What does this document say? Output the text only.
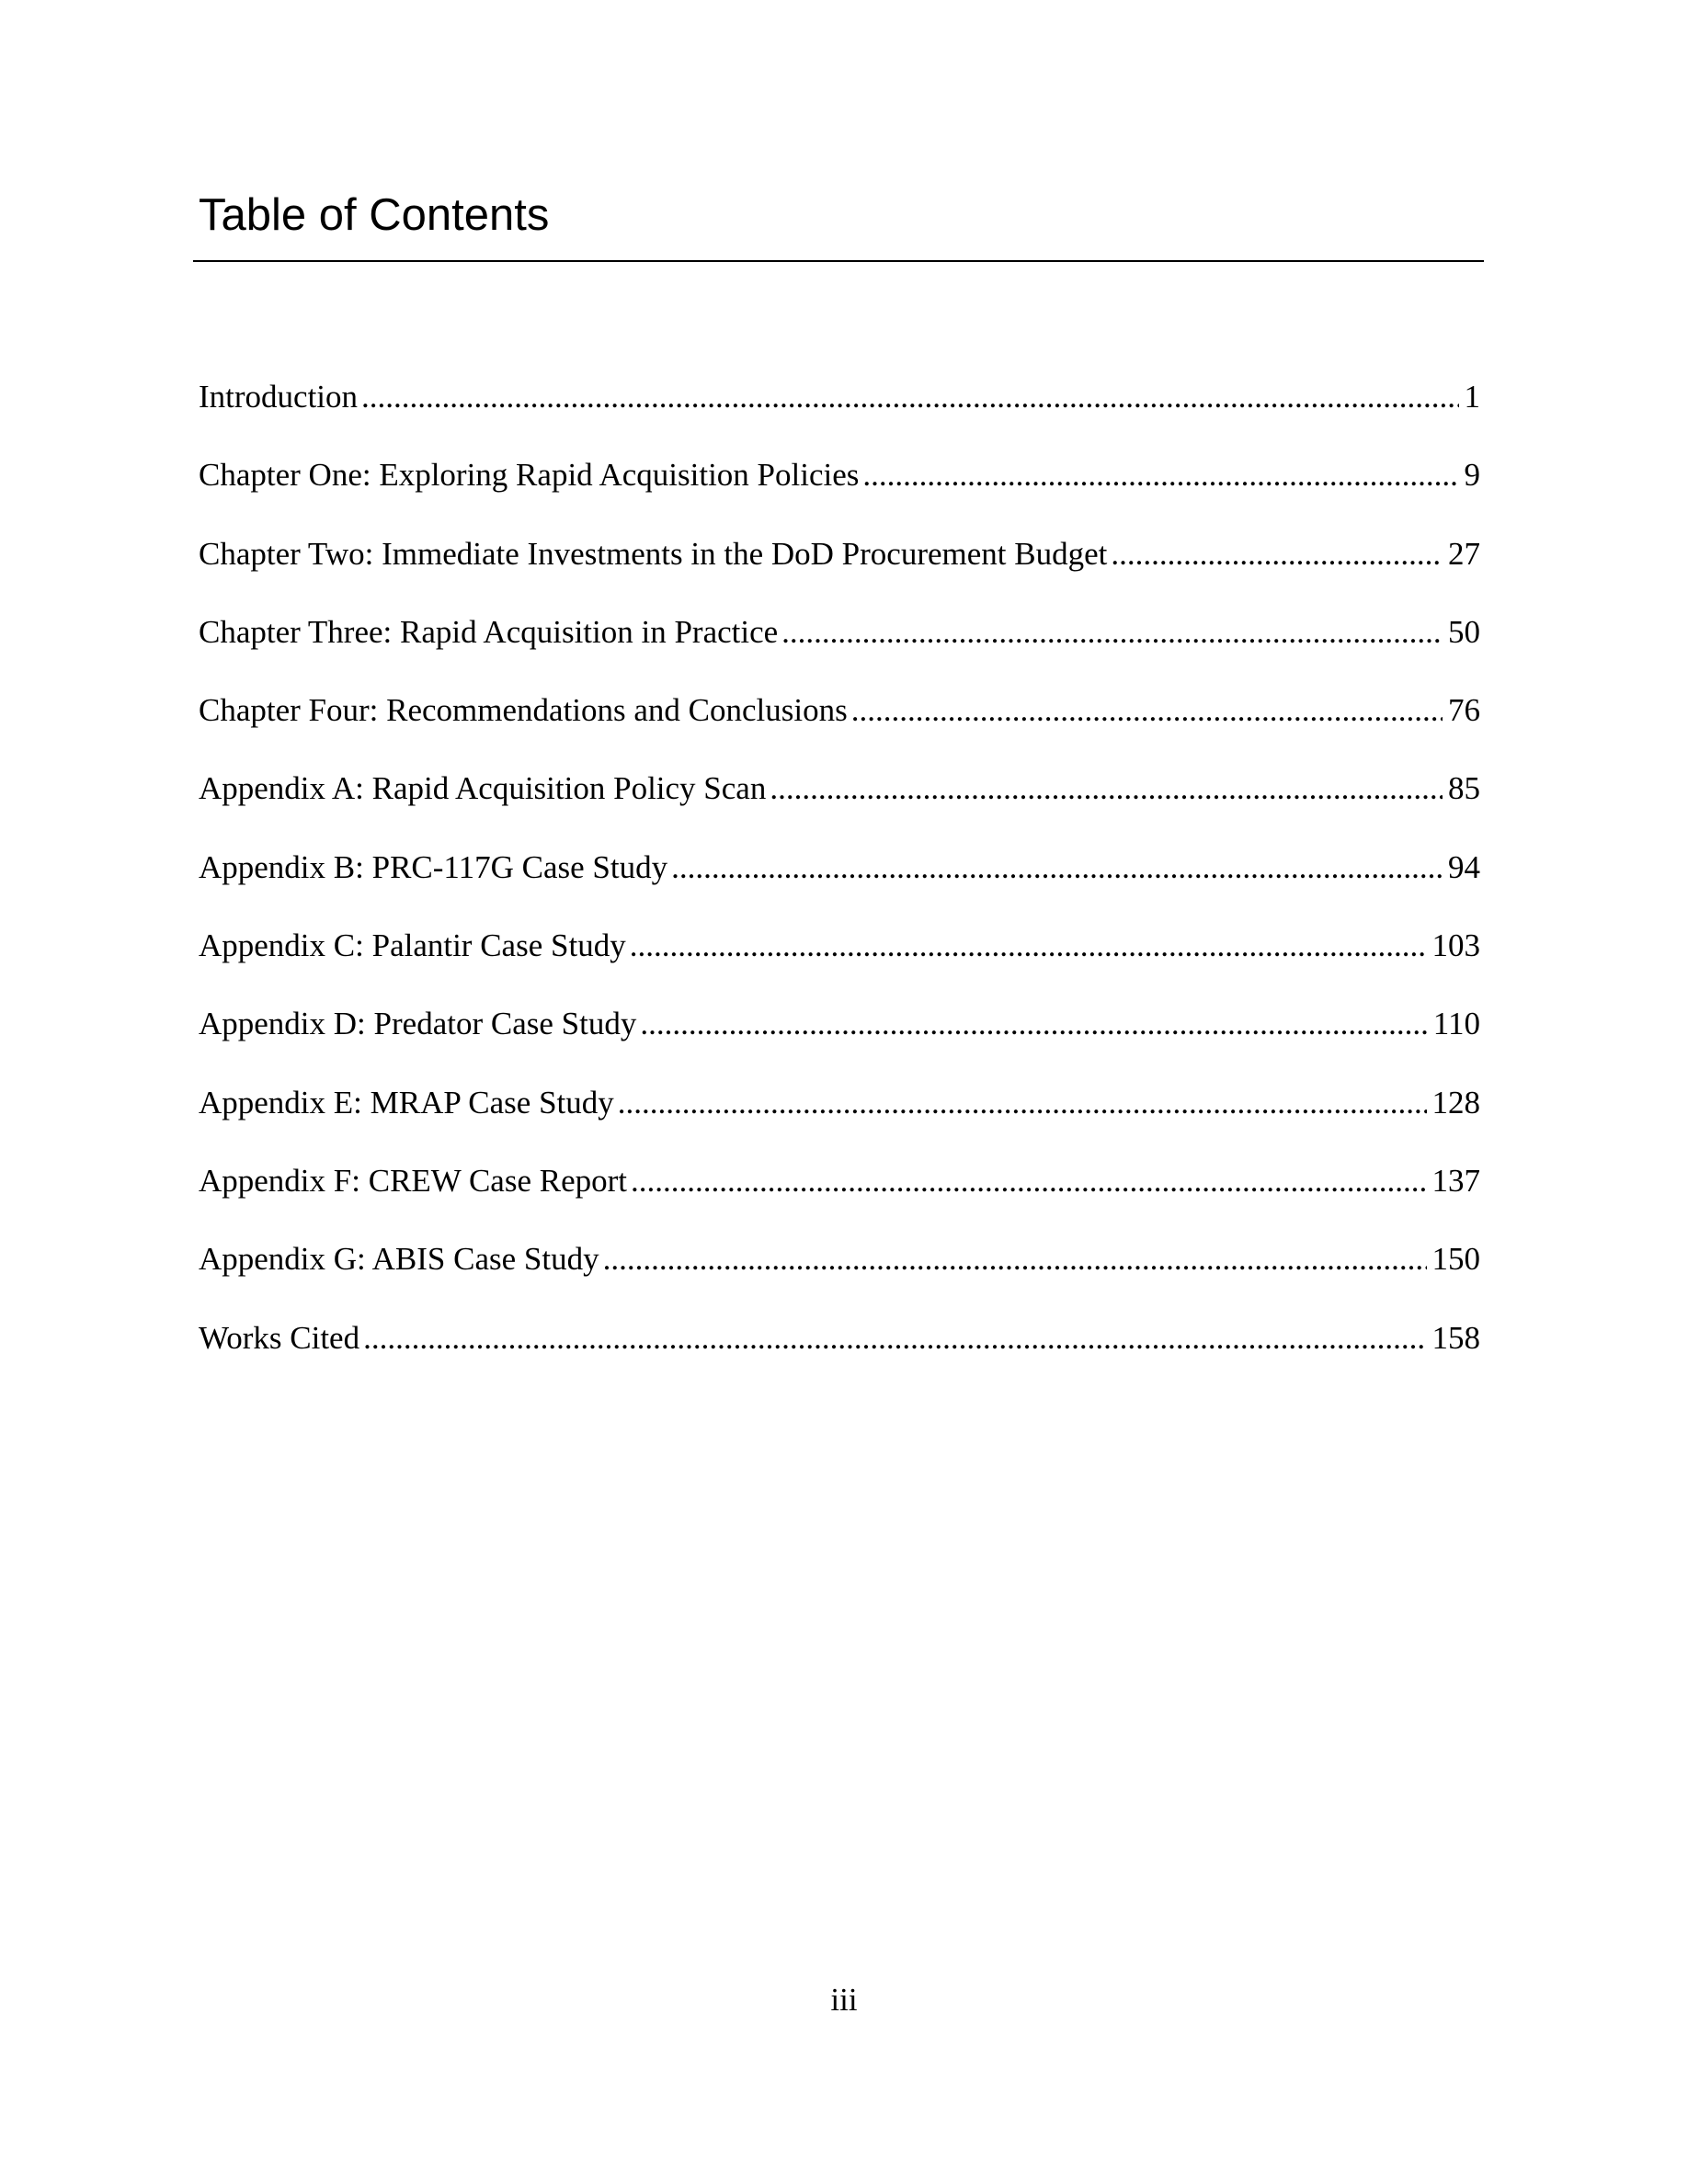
Table of Contents
Introduction .....	1
Chapter One: Exploring Rapid Acquisition Policies .....	9
Chapter Two: Immediate Investments in the DoD Procurement Budget .....	27
Chapter Three: Rapid Acquisition in Practice .....	50
Chapter Four: Recommendations and Conclusions .....	76
Appendix A: Rapid Acquisition Policy Scan .....	85
Appendix B: PRC-117G Case Study .....	94
Appendix C: Palantir Case Study .....	103
Appendix D: Predator Case Study .....	110
Appendix E: MRAP Case Study .....	128
Appendix F: CREW Case Report .....	137
Appendix G: ABIS Case Study .....	150
Works Cited .....	158
iii
